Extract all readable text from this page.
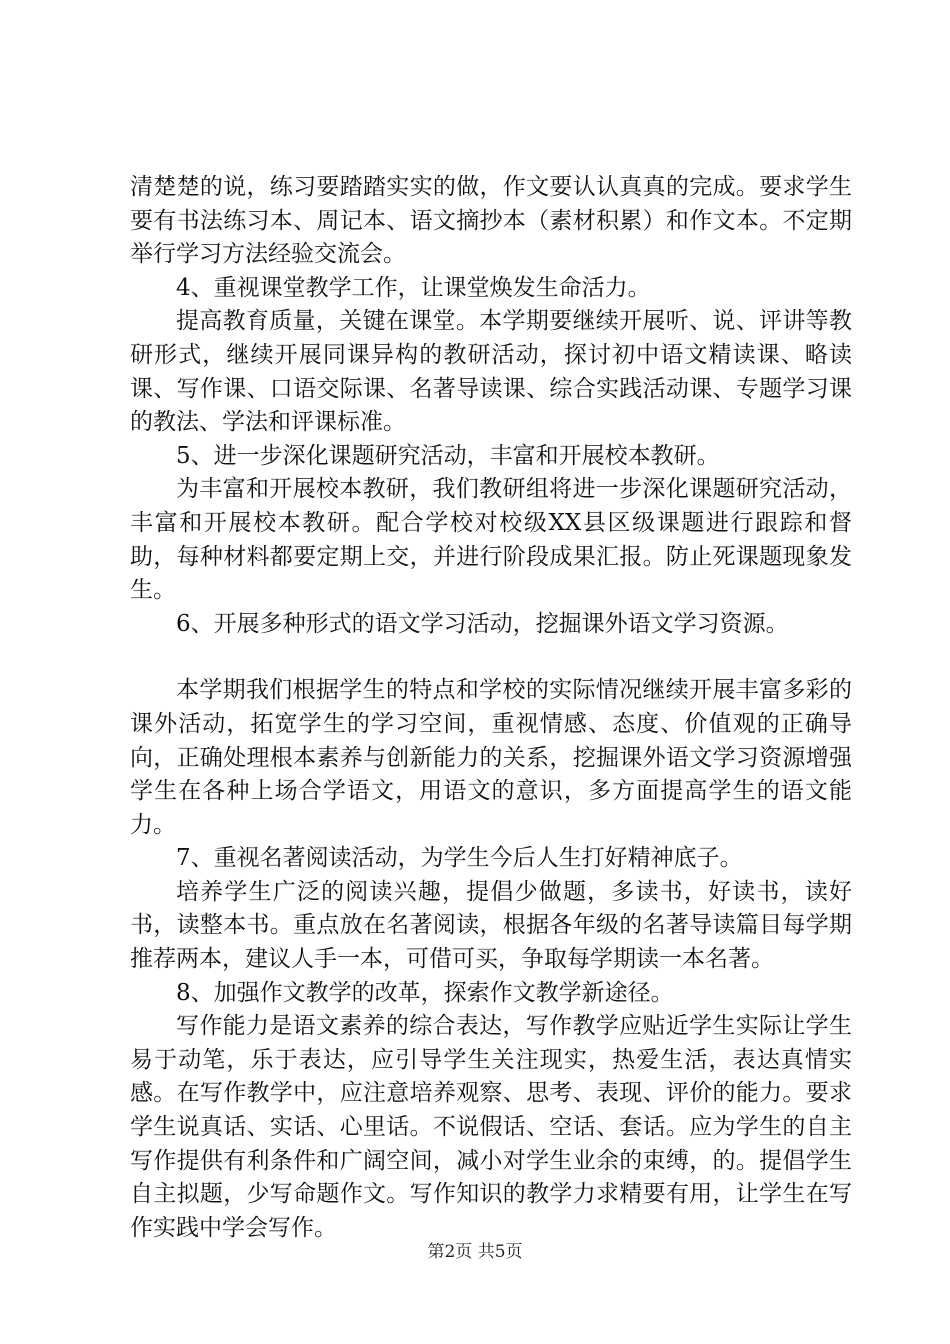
清楚楚的说，练习要踏踏实实的做，作文要认认真真的完成。要求学生要有书法练习本、周记本、语文摘抄本（素材积累）和作文本。不定期举行学习方法经验交流会。

4、重视课堂教学工作，让课堂焕发生命活力。

提高教育质量，关键在课堂。本学期要继续开展听、说、评讲等教研形式，继续开展同课异构的教研活动，探讨初中语文精读课、略读课、写作课、口语交际课、名著导读课、综合实践活动课、专题学习课的教法、学法和评课标准。

5、进一步深化课题研究活动，丰富和开展校本教研。

为丰富和开展校本教研，我们教研组将进一步深化课题研究活动，丰富和开展校本教研。配合学校对校级XX县区级课题进行跟踪和督助，每种材料都要定期上交，并进行阶段成果汇报。防止死课题现象发生。

6、开展多种形式的语文学习活动，挖掘课外语文学习资源。

本学期我们根据学生的特点和学校的实际情况继续开展丰富多彩的课外活动，拓宽学生的学习空间，重视情感、态度、价值观的正确导向，正确处理根本素养与创新能力的关系，挖掘课外语文学习资源增强学生在各种上场合学语文，用语文的意识，多方面提高学生的语文能力。

7、重视名著阅读活动，为学生今后人生打好精神底子。

培养学生广泛的阅读兴趣，提倡少做题，多读书，好读书，读好书，读整本书。重点放在名著阅读，根据各年级的名著导读篇目每学期推荐两本，建议人手一本，可借可买，争取每学期读一本名著。

8、加强作文教学的改革，探索作文教学新途径。

写作能力是语文素养的综合表达，写作教学应贴近学生实际让学生易于动笔，乐于表达，应引导学生关注现实，热爱生活，表达真情实感。在写作教学中，应注意培养观察、思考、表现、评价的能力。要求学生说真话、实话、心里话。不说假话、空话、套话。应为学生的自主写作提供有利条件和广阔空间，减小对学生业余的束缚，的。提倡学生自主拟题，少写命题作文。写作知识的教学力求精要有用，让学生在写作实践中学会写作。

第2页 共5页
